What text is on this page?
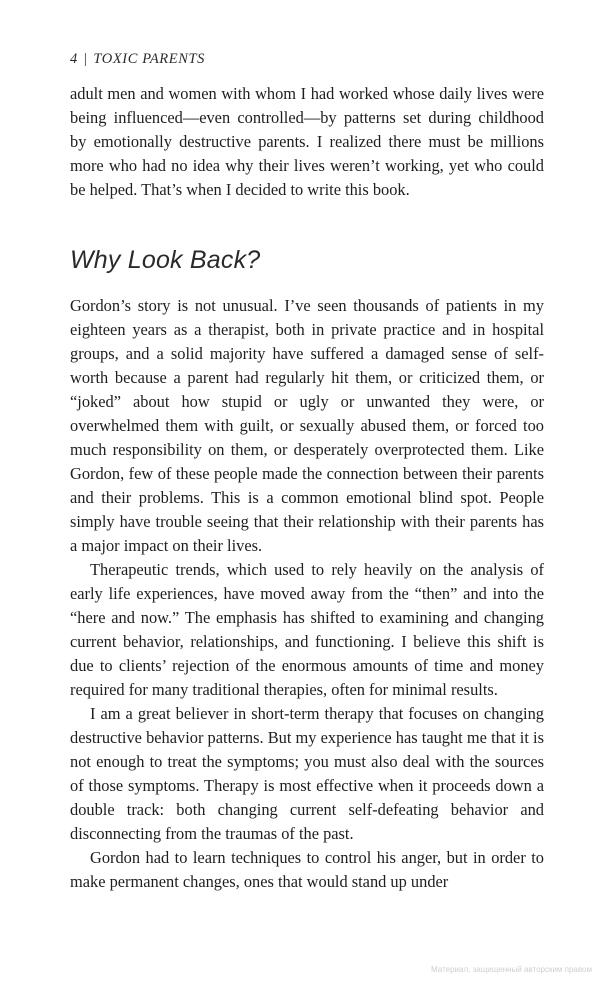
4 | TOXIC PARENTS

adult men and women with whom I had worked whose daily lives were being influenced—even controlled—by patterns set during childhood by emotionally destructive parents. I realized there must be millions more who had no idea why their lives weren’t working, yet who could be helped. That’s when I decided to write this book.

Why Look Back?

Gordon’s story is not unusual. I’ve seen thousands of patients in my eighteen years as a therapist, both in private practice and in hospital groups, and a solid majority have suffered a damaged sense of self-worth because a parent had regularly hit them, or criticized them, or “joked” about how stupid or ugly or unwanted they were, or overwhelmed them with guilt, or sexually abused them, or forced too much responsibility on them, or desperately overprotected them. Like Gordon, few of these people made the connection between their parents and their problems. This is a common emotional blind spot. People simply have trouble seeing that their relationship with their parents has a major impact on their lives.

Therapeutic trends, which used to rely heavily on the analysis of early life experiences, have moved away from the “then” and into the “here and now.” The emphasis has shifted to examining and changing current behavior, relationships, and functioning. I believe this shift is due to clients’ rejection of the enormous amounts of time and money required for many traditional therapies, often for minimal results.

I am a great believer in short-term therapy that focuses on changing destructive behavior patterns. But my experience has taught me that it is not enough to treat the symptoms; you must also deal with the sources of those symptoms. Therapy is most effective when it proceeds down a double track: both changing current self-defeating behavior and disconnecting from the traumas of the past.

Gordon had to learn techniques to control his anger, but in order to make permanent changes, ones that would stand up under

Материал, защищенный авторским правом
